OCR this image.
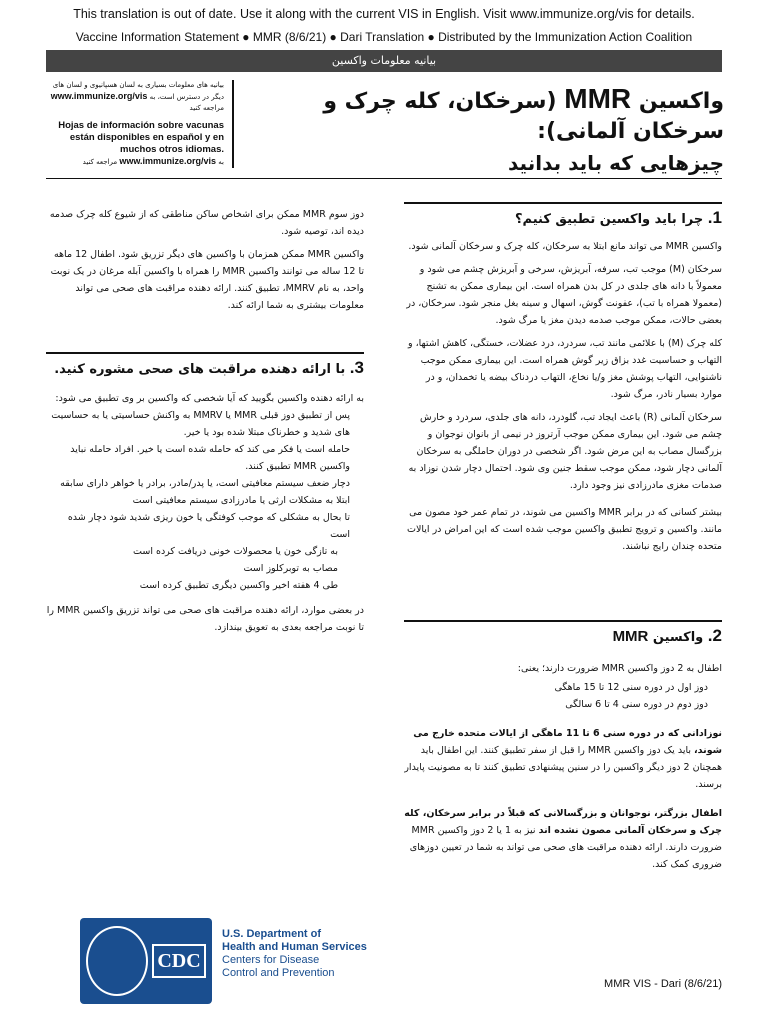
This translation is out of date. Use it along with the current VIS in English. Visit www.immunize.org/vis for details.
Vaccine Information Statement ● MMR (8/6/21) ● Dari Translation ● Distributed by the Immunization Action Coalition
بیانیه معلومات واکسین
بیانیه های معلومات بسیاری به لسان هسپانیوی و لسان های دیگر در دسترس است، به www.immunize.org/vis مراجعه کنید
Hojas de información sobre vacunas están disponibles en español y en muchos otros idiomas.
به www.immunize.org/vis مراجعه کنید
واکسین MMR (سرخکان، کله چرک و سرخکان آلمانی):
چیزهایی که باید بدانید
1. چرا باید واکسین تطبیق کنیم؟

واکسین MMR می تواند مانع ابتلا به سرخکان، کله چرک و سرخکان آلمانی شود.

سرخکان (M) موجب تب، سرفه، آبریزش، سرخی و آبریزش چشم می شود و معمولاً با دانه های جلدی در کل بدن همراه است. این بیماری ممکن به تشنج (معمولا همراه با تب)، عفونت گوش، اسهال و سینه بغل منجر شود. سرخکان، در بعضی حالات، ممکن موجب صدمه دیدن مغز یا مرگ شود.

کله چرک (M) با علائمی مانند تب، سردرد، درد عضلات، خستگی، کاهش اشتها، و التهاب و حساسیت غدد بزاق زیر گوش همراه است. این بیماری ممکن موجب ناشنوایی، التهاب پوشش مغز و/یا نخاع، التهاب دردناک بیضه یا تخمدان، و در موارد بسیار نادر، مرگ شود.

سرخکان آلمانی (R) باعث ایجاد تب، گلودرد، دانه های جلدی، سردرد و خارش چشم می شود. این بیماری ممکن موجب آرتروز در نیمی از بانوان نوجوان و بزرگسال مصاب به این مرض شود. اگر شخصی در دوران حاملگی به سرخکان آلمانی دچار شود، ممکن موجب سقط جنین وی شود. احتمال دچار شدن نوزاد به صدمات مغزی مادرزادی نیز وجود دارد.

بیشتر کسانی که در برابر MMR واکسین می شوند، در تمام عمر خود مصون می مانند. واکسین و ترویج تطبیق واکسین موجب شده است که این امراض در ایالات متحده چندان رایج نباشند.

2. واکسین MMR

اطفال به 2 دوز واکسین MMR ضرورت دارند؛ یعنی:

دوز اول در دوره سنی 12 تا 15 ماهگی
دوز دوم در دوره سنی 4 تا 6 سالگی

نوزادانی که در دوره سنی 6 تا 11 ماهگی از ایالات متحده خارج می شوند، باید یک دوز واکسین MMR را قبل از سفر تطبیق کنند. این اطفال باید همچنان 2 دوز دیگر واکسین را در سنین پیشنهادی تطبیق کنند تا به مصونیت پایدار برسند.

اطفال بزرگتر، نوجوانان و بزرگسالانی که قبلاً در برابر سرخکان، کله چرک و سرخکان آلمانی مصون نشده اند نیز به 1 یا 2 دوز واکسین MMR ضرورت دارند. ارائه دهنده مراقبت های صحی می تواند به شما در تعیین دوزهای ضروری کمک کند.

دوز سوم MMR ممکن برای اشخاص ساکن مناطقی که از شیوع کله چرک صدمه دیده اند، توصیه شود.

واکسین MMR ممکن همزمان با واکسین های دیگر تزریق شود. اطفال 12 ماهه تا 12 ساله می توانند واکسین MMR را همراه با واکسین آبله مرغان در یک نوبت واحد، به نام MMRV، تطبیق کنند. ارائه دهنده مراقبت های صحی می تواند معلومات بیشتری به شما ارائه کند.

3. با ارائه دهنده مراقبت های صحی مشوره کنید.
به ارائه دهنده واکسین بگویید که آیا شخصی که واکسین بر وی تطبیق می شود:
پس از تطبیق دوز قبلی MMR یا MMRV به واکنش حساسیتی یا به حساسیت های شدید و خطرناک مبتلا شده بود یا خیر.
حامله است یا فکر می کند که حامله شده است یا خیر. افراد حامله نباید واکسین MMR تطبیق کنند.
دچار ضعف سیستم معافیتی است، یا پدر/مادر، برادر یا خواهر دارای سابقه ابتلا به مشکلات ارثی یا مادرزادی سیستم معافیتی است
تا بحال به مشکلی که موجب کوفتگی یا خون ریزی شدید شود دچار شده است
به تازگی خون یا محصولات خونی دریافت کرده است
مصاب به توبرکلوز است
طی 4 هفته اخیر واکسین دیگری تطبیق کرده است

در بعضی موارد، ارائه دهنده مراقبت های صحی می تواند تزریق واکسین MMR را تا نوبت مراجعه بعدی به تعویق بیندازد.

CDC
U.S. Department of
Health and Human Services
Centers for Disease
Control and Prevention
MMR VIS - Dari (8/6/21)
